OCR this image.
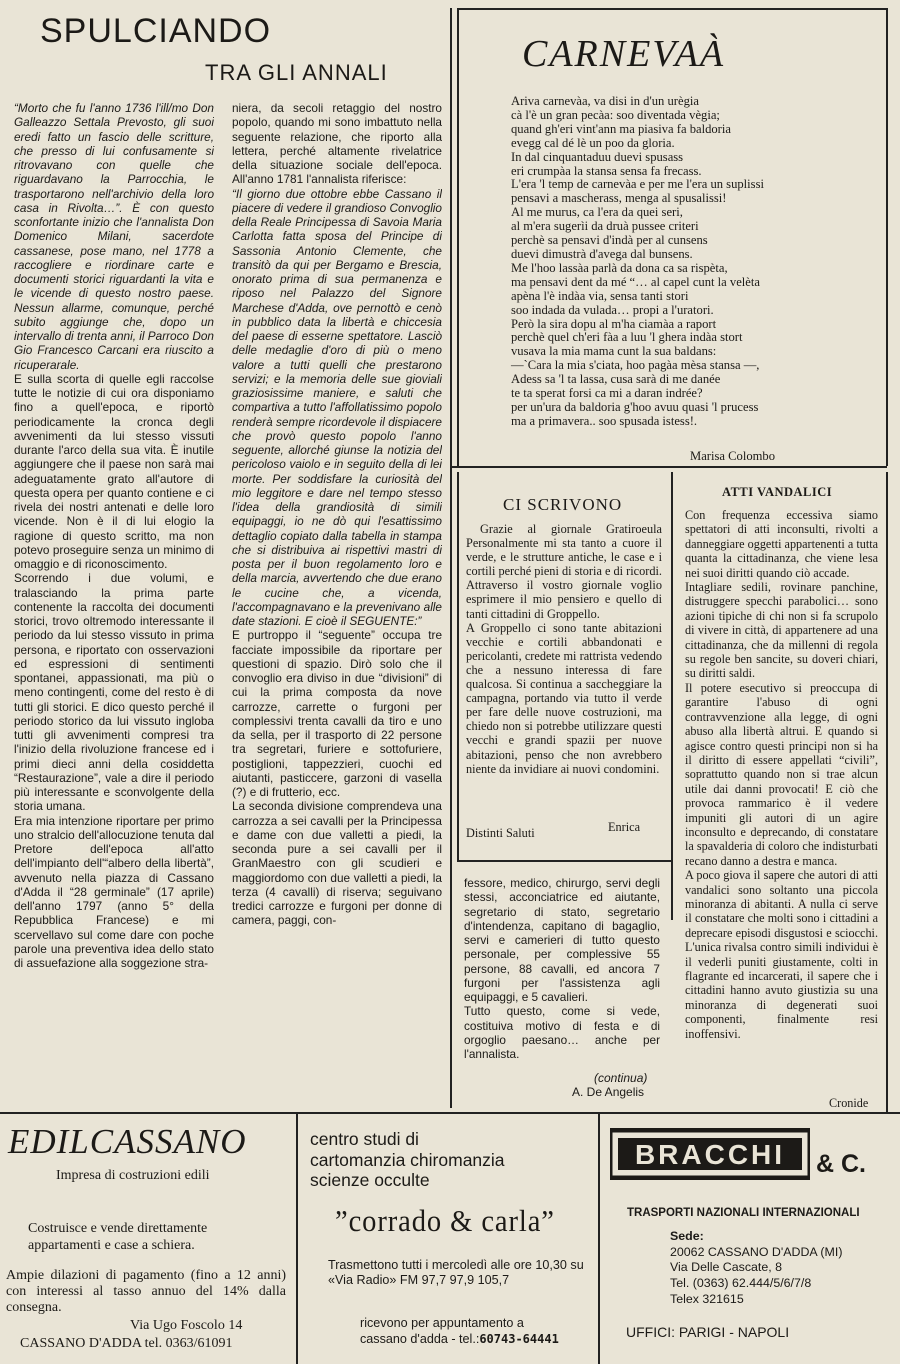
SPULCIANDO
TRA GLI ANNALI

“Morto che fu l'anno 1736 l'ill/mo Don Galleazzo Settala Prevosto, gli suoi eredi fatto un fascio delle scritture, che presso di lui confusamente si ritrovavano con quelle che riguardavano la Parrocchia, le trasportarono nell'archivio della loro casa in Rivolta…”. È con questo sconfortante inizio che l'annalista Don Domenico Milani, sacerdote cassanese, pose mano, nel 1778 a raccogliere e riordinare carte e documenti storici riguardanti la vita e le vicende di questo nostro paese. Nessun allarme, comunque, perché subito aggiunge che, dopo un intervallo di trenta anni, il Parroco Don Gio Francesco Carcani era riuscito a ricuperarale.

E sulla scorta di quelle egli raccolse tutte le notizie di cui ora disponiamo fino a quell'epoca, e riportò periodicamente la cronca degli avvenimenti da lui stesso vissuti durante l'arco della sua vita. È inutile aggiungere che il paese non sarà mai adeguatamente grato all'autore di questa opera per quanto contiene e ci rivela dei nostri antenati e delle loro vicende. Non è il di lui elogio la ragione di questo scritto, ma non potevo proseguire senza un minimo di omaggio e di riconoscimento.

Scorrendo i due volumi, e tralasciando la prima parte contenente la raccolta dei documenti storici, trovo oltremodo interessante il periodo da lui stesso vissuto in prima persona, e riportato con osservazioni ed espressioni di sentimenti spontanei, appassionati, ma più o meno contingenti, come del resto è di tutti gli storici. E dico questo perché il periodo storico da lui vissuto ingloba tutti gli avvenimenti compresi tra l'inizio della rivoluzione francese ed i primi dieci anni della cosiddetta “Restaurazione”, vale a dire il periodo più interessante e sconvolgente della storia umana.

Era mia intenzione riportare per primo uno stralcio dell'allocuzione tenuta dal Pretore dell'epoca all'atto dell'impianto dell'“albero della libertà”, avvenuto nella piazza di Cassano d'Adda il “28 germinale” (17 aprile) dell'anno 1797 (anno 5° della Repubblica Francese) e mi scervellavo sul come dare con poche parole una preventiva idea dello stato di assuefazione alla soggezione stra-

niera, da secoli retaggio del nostro popolo, quando mi sono imbattuto nella seguente relazione, che riporto alla lettera, perché altamente rivelatrice della situazione sociale dell'epoca. All'anno 1781 l'annalista riferisce:

“Il giorno due ottobre ebbe Cassano il piacere di vedere il grandioso Convoglio della Reale Principessa di Savoia Maria Carlotta fatta sposa del Principe di Sassonia Antonio Clemente, che transitò da qui per Bergamo e Brescia, onorato prima di sua permanenza e riposo nel Palazzo del Signore Marchese d'Adda, ove pernottò e cenò in pubblico data la libertà e chiccesia del paese di esserne spettatore. Lasciò delle medaglie d'oro di più o meno valore a tutti quelli che prestarono servizi; e la memoria delle sue gioviali graziosissime maniere, e saluti che compartiva a tutto l'affollatissimo popolo renderà sempre ricordevole il dispiacere che provò questo popolo l'anno seguente, allorché giunse la notizia del pericoloso vaiolo e in seguito della di lei morte. Per soddisfare la curiosità del mio leggitore e dare nel tempo stesso l'idea della grandiosità di simili equipaggi, io ne dò qui l'esattissimo dettaglio copiato dalla tabella in stampa che si distribuiva ai rispettivi mastri di posta per il buon regolamento loro e della marcia, avvertendo che due erano le cucine che, a vicenda, l'accompagnavano e la prevenivano alle date stazioni. E cioè il SEGUENTE:”

E purtroppo il “seguente” occupa tre facciate impossibile da riportare per questioni di spazio. Dirò solo che il convoglio era diviso in due “divisioni” di cui la prima composta da nove carrozze, carrette o furgoni per complessivi trenta cavalli da tiro e uno da sella, per il trasporto di 22 persone tra segretari, furiere e sottofuriere, postiglioni, tappezzieri, cuochi ed aiutanti, pasticcere, garzoni di vasella (?) e di frutterio, ecc.

La seconda divisione comprendeva una carrozza a sei cavalli per la Principessa e dame con due valletti a piedi, la seconda pure a sei cavalli per il GranMaestro con gli scudieri e maggiordomo con due valletti a piedi, la terza (4 cavalli) di riserva; seguivano tredici carrozze e furgoni per donne di camera, paggi, con-

fessore, medico, chirurgo, servi degli stessi, acconciatrice ed aiutante, segretario di stato, segretario d'intendenza, capitano di bagaglio, servi e camerieri di tutto questo personale, per complessive 55 persone, 88 cavalli, ed ancora 7 furgoni per l'assistenza agli equipaggi, e 5 cavalieri.

Tutto questo, come si vede, costituiva motivo di festa e di orgoglio paesano… anche per l'annalista.

(continua)
A. De Angelis
CARNEVAÀ
Ariva carnevàa, va disi in d'un urègia
cà l'è un gran pecàa: soo diventada vègia;
quand gh'eri vint'ann ma piasiva fa baldoria
evegg cal dé lè un poo da gloria.
In dal cinquantaduu duevi spusass
eri crumpàa la stansa sensa fa frecass.
L'era 'l temp de carnevàa e per me l'era un suplissi
pensavi a mascherass, menga al spusalissi!
Al me murus, ca l'era da quei seri,
al m'era sugerìi da druà pussee criteri
perchè sa pensavi d'indà per al cunsens
duevi dimustrà d'avega dal bunsens.
Me l'hoo lassàa parlà da dona ca sa rispèta,
ma pensavi dent da mé “… al capel cunt la velèta
apèna l'è indàa via, sensa tanti stori
soo indada da vulada… propi a l'uratori.
Però la sira dopu al m'ha ciamàa a raport
perchè quel ch'eri fàa a luu 'l ghera indàa stort
vusava la mia mama cunt la sua baldans:
—`Cara la mia s'ciata, hoo pagàa mèsa stansa —,
Adess sa 'l ta lassa, cusa sarà di me danée
te ta sperat forsi ca mi a daran indrée?
per un'ura da baldoria g'hoo avuu quasi 'l prucess
ma a primavera.. soo spusada istess!.
Marisa Colombo
CI SCRIVONO

Grazie al giornale Gratiroeula Personalmente mi sta tanto a cuore il verde, e le strutture antiche, le case e i cortili perché pieni di storia e di ricordi. Attraverso il vostro giornale voglio esprimere il mio pensiero e quello di tanti cittadini di Groppello.

A Groppello ci sono tante abitazioni vecchie e cortili abbandonati e pericolanti, credete mi rattrista vedendo che a nessuno interessa di fare qualcosa. Si continua a saccheggiare la campagna, portando via tutto il verde per fare delle nuove costruzioni, ma chiedo non si potrebbe utilizzare questi vecchi e grandi spazii per nuove abitazioni, penso che non avrebbero niente da invidiare ai nuovi condomini.

Distinti Saluti	Enrica
ATTI VANDALICI

Con frequenza eccessiva siamo spettatori di atti inconsulti, rivolti a danneggiare oggetti appartenenti a tutta quanta la cittadinanza, che viene lesa nei suoi diritti quando ciò accade.

Intagliare sedili, rovinare panchine, distruggere specchi parabolici… sono azioni tipiche di chi non si fa scrupolo di vivere in città, di appartenere ad una cittadinanza, che da millenni di regola su regole ben sancite, su doveri chiari, su diritti saldi.

Il potere esecutivo si preoccupa di garantire l'abuso di ogni contravvenzione alla legge, di ogni abuso alla libertà altrui. E quando si agisce contro questi principi non si ha il diritto di essere appellati “civili”, soprattutto quando non si trae alcun utile dai danni provocati! E ciò che provoca rammarico è il vedere impuniti gli autori di un agire inconsulto e deprecando, di constatare la spavalderia di coloro che indisturbati recano danno a destra e manca.

A poco giova il sapere che autori di atti vandalici sono soltanto una piccola minoranza di abitanti. A nulla ci serve il constatare che molti sono i cittadini a deprecare episodi disgustosi e sciocchi. L'unica rivalsa contro simili individui è il vederli puniti giustamente, colti in flagrante ed incarcerati, il sapere che i cittadini hanno avuto giustizia su una minoranza di degenerati suoi componenti, finalmente resi inoffensivi.

Cronide
EDILCASSANO
Impresa di costruzioni edili
Costruisce e vende direttamente
appartamenti e case a schiera.
Ampie dilazioni di pagamento (fino a 12 anni) con interessi al tasso annuo del 14% dalla consegna.
Via Ugo Foscolo 14
CASSANO D'ADDA tel. 0363/61091
centro studi di
cartomanzia chiromanzia
scienze occulte
”corrado & carla”
Trasmettono tutti i mercoledì alle ore 10,30 su «Via Radio» FM 97,7 97,9 105,7
ricevono per appuntamento a
cassano d'adda - tel.:60743-64441
BRACCHI & C.
TRASPORTI NAZIONALI INTERNAZIONALI
Sede:
20062 CASSANO D'ADDA (MI)
Via Delle Cascate, 8
Tel. (0363) 62.444/5/6/7/8
Telex 321615
UFFICI: PARIGI - NAPOLI
